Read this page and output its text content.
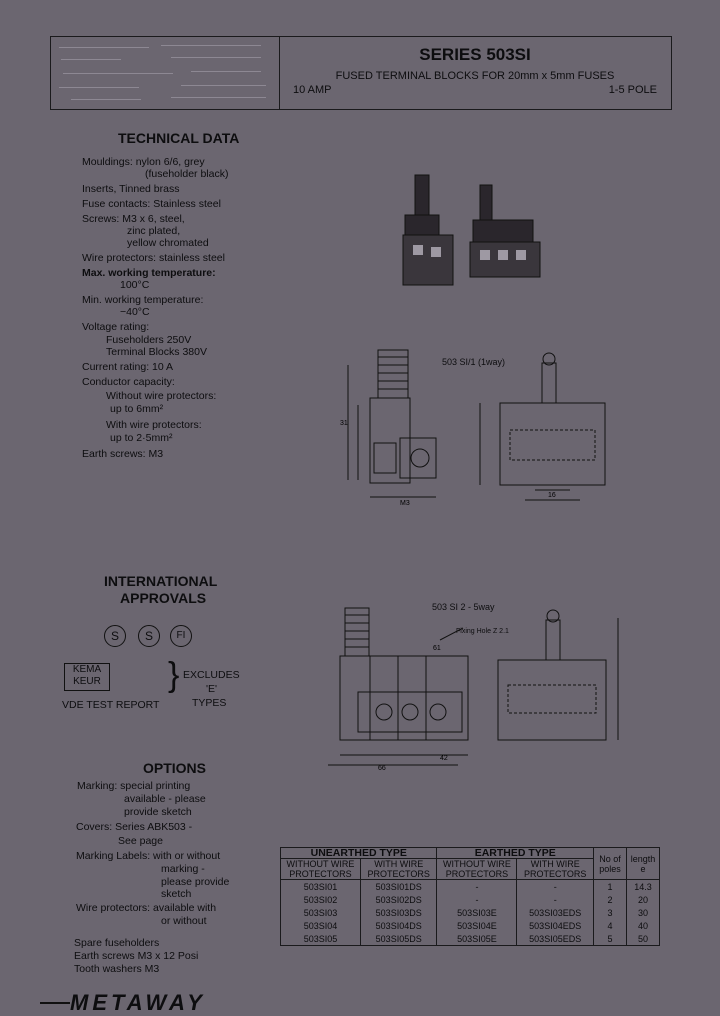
SERIES 503SI
FUSED TERMINAL BLOCKS FOR 20mm x 5mm FUSES
10 AMP	1-5 POLE
TECHNICAL DATA
Mouldings: nylon 6/6, grey
(fuseholder black)
Inserts, Tinned brass
Fuse contacts: Stainless steel
Screws: M3 x 6, steel,
zinc plated,
yellow chromated
Wire protectors: stainless steel
Max. working temperature:
100°C
Min. working temperature:
−40°C
Voltage rating:
Fuseholders 250V
Terminal Blocks 380V
Current rating: 10 A
Conductor capacity:
Without wire protectors:
up to 6mm²
With wire protectors:
up to 2·5mm²
Earth screws: M3
503 SI/1 (1way)
31
M3
16
INTERNATIONAL
APPROVALS
S	S	FI
KEMA
KEUR
VDE TEST REPORT
} EXCLUDES
'E'
TYPES
503 SI 2 - 5way
Fixing Hole Z 2.1
61
42
66
OPTIONS
Marking: special printing
available - please
provide sketch
Covers: Series ABK503 -
See page
Marking Labels: with or without
marking -
please provide
sketch
Wire protectors: available with
or without
Spare fuseholders
Earth screws M3 x 12 Posi
Tooth washers M3
UNEARTHED TYPE		EARTHED TYPE		No of poles	length e
WITHOUT WIRE PROTECTORS	WITH WIRE PROTECTORS	WITHOUT WIRE PROTECTORS	WITH WIRE PROTECTORS		
503SI01	503SI01DS	-	-	1	14.3
503SI02	503SI02DS	-	-	2	20
503SI03	503SI03DS	503SI03E	503SI03EDS	3	30
503SI04	503SI04DS	503SI04E	503SI04EDS	4	40
503SI05	503SI05DS	503SI05E	503SI05EDS	5	50
METAWAY
